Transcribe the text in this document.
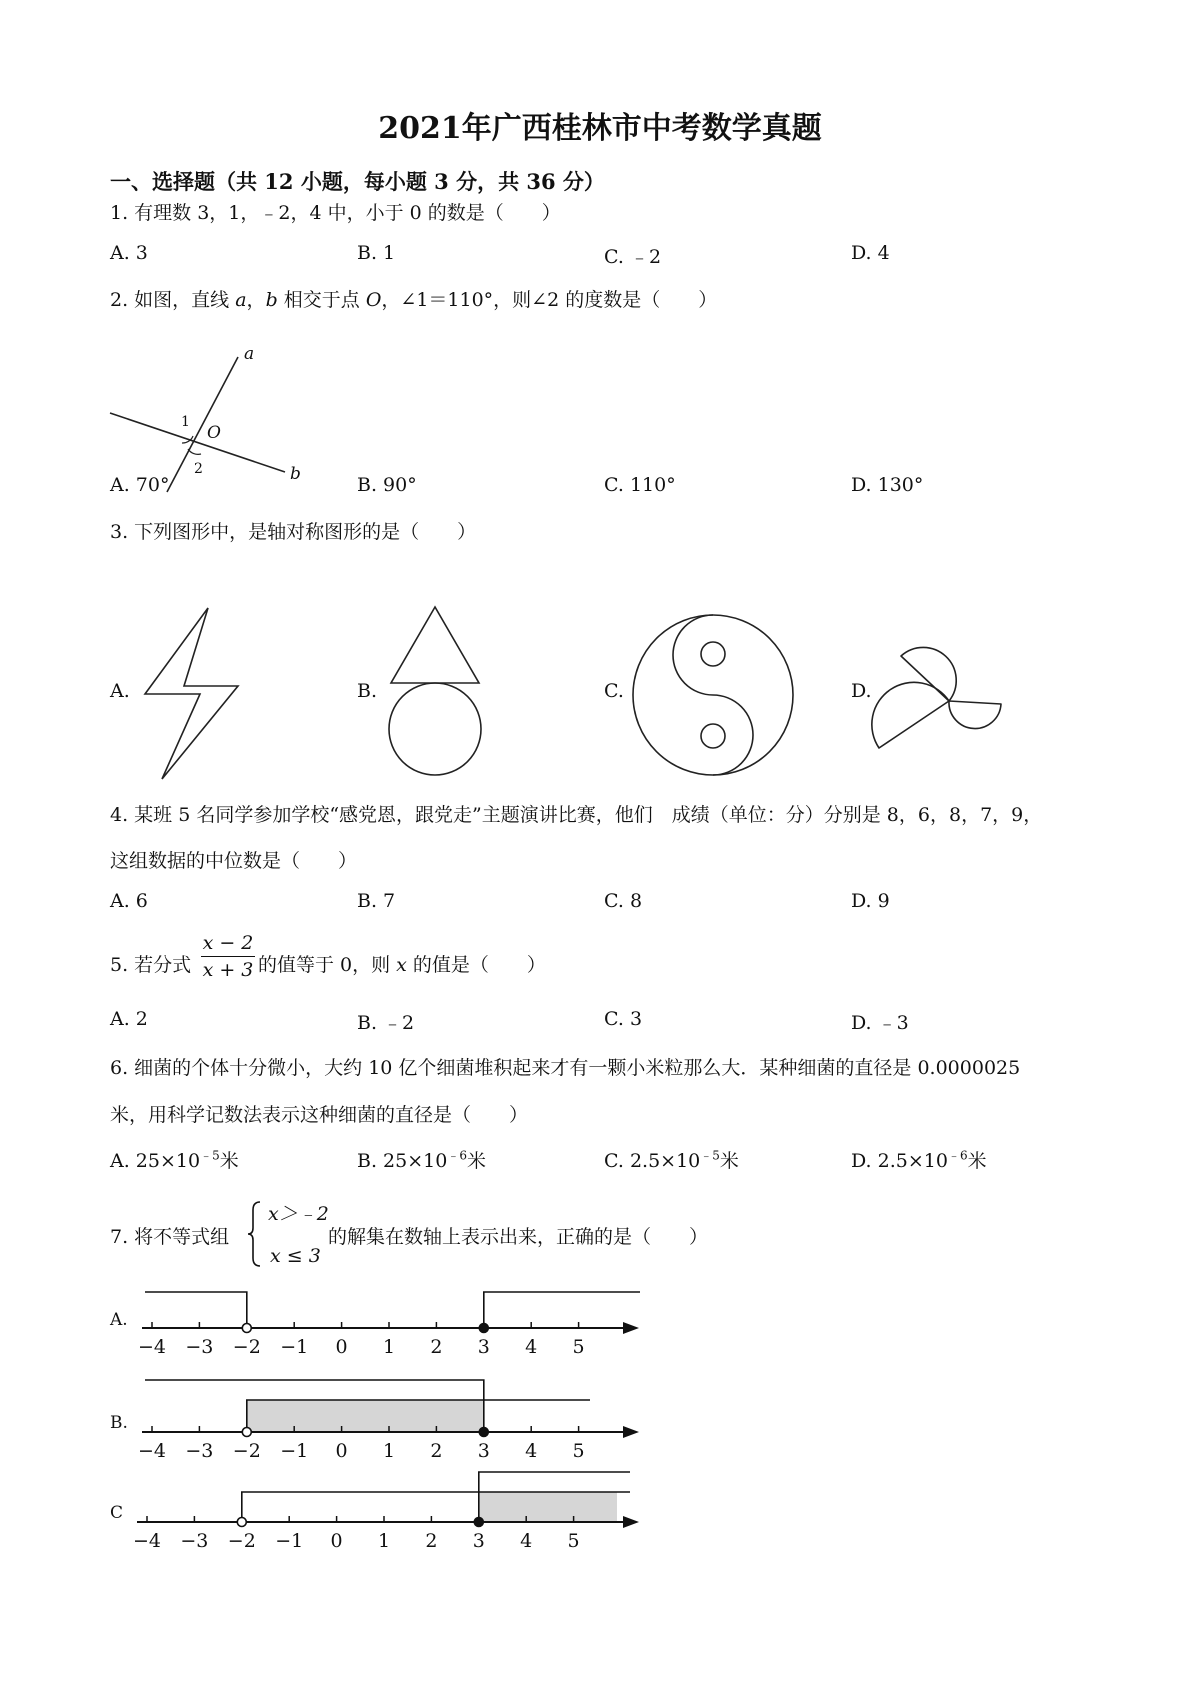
2021年广西桂林市中考数学真题
一、选择题（共 12 小题，每小题 3 分，共 36 分）
1. 有理数 3，1，﹣2，4 中，小于 0 的数是（　　）
A. 3	B. 1	C. ﹣2	D. 4
2. 如图，直线 a，b 相交于点 O，∠1＝110°，则∠2 的度数是（　　）
a
b
O
1
2
A. 70°	B. 90°	C. 110°	D. 130°
3. 下列图形中，是轴对称图形的是（　　）
A.	B.	C.	D.
4. 某班 5 名同学参加学校“感党恩，跟党走”主题演讲比赛，他们　成绩（单位：分）分别是 8，6，8，7，9，
这组数据的中位数是（　　）
A. 6	B. 7	C. 8	D. 9
5. 若分式 $\frac{x - 2}{x + 3}$ 的值等于 0，则 x 的值是（　　）
A. 2	B. ﹣2	C. 3	D. ﹣3
6. 细菌的个体十分微小，大约 10 亿个细菌堆积起来才有一颗小米粒那么大．某种细菌的直径是 0.0000025
米，用科学记数法表示这种细菌的直径是（　　）
A. $25\times 10^{﹣5}$米	B. $25\times 10^{﹣6}$米	C. $2.5\times 10^{﹣5}$米	D. $2.5\times 10^{﹣6}$米
7. 将不等式组
x＞﹣2
x ≤ 3
的解集在数轴上表示出来，正确的是（　　）
A.
−4 −3 −2 −1 0 1 2 3 4 5
B.
−4 −3 −2 −1 0 1 2 3 4 5
C
−4 −3 −2 −1 0 1 2 3 4 5
